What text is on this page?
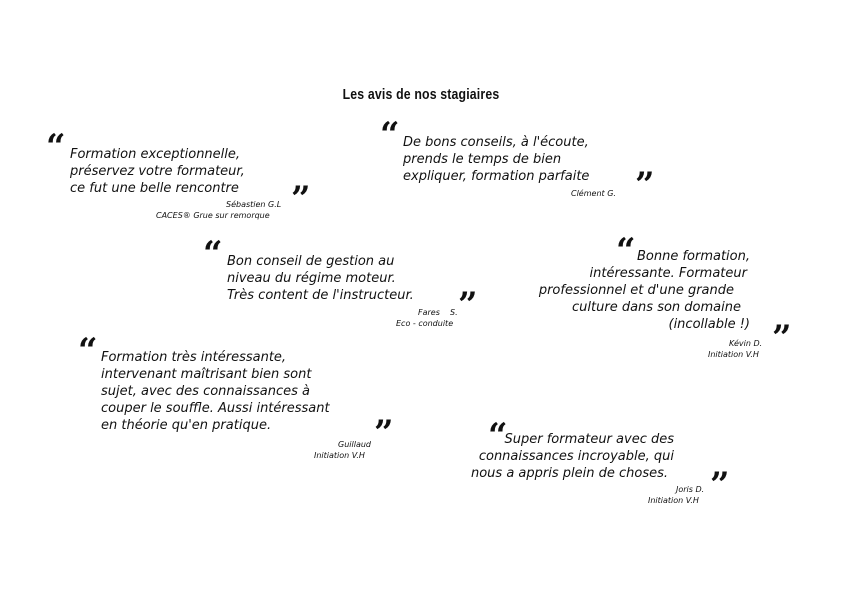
Les avis de nos stagiaires
“ Formation exceptionnelle,
préservez votre formateur,
ce fut une belle rencontre ”
Sébastien G.L
CACES® Grue sur remorque
“ De bons conseils, à l'écoute,
prends le temps de bien
expliquer, formation parfaite ”
Clément G.
“ Bon conseil de gestion au
niveau du régime moteur.
Très content de l'instructeur. ”
Fares    S.
Eco - conduite
“ Bonne formation,
intéressante. Formateur
professionnel et d'une grande
culture dans son domaine
(incollable !) ”
Kévin D.
Initiation V.H
“ Formation très intéressante,
intervenant maîtrisant bien sont
sujet, avec des connaissances à
couper le souffle. Aussi intéressant
en théorie qu'en pratique.	”
Guillaud
Initiation V.H	“
Super formateur avec des
connaissances incroyable, qui
nous a appris plein de choses. ”
Joris D.
Initiation V.H
